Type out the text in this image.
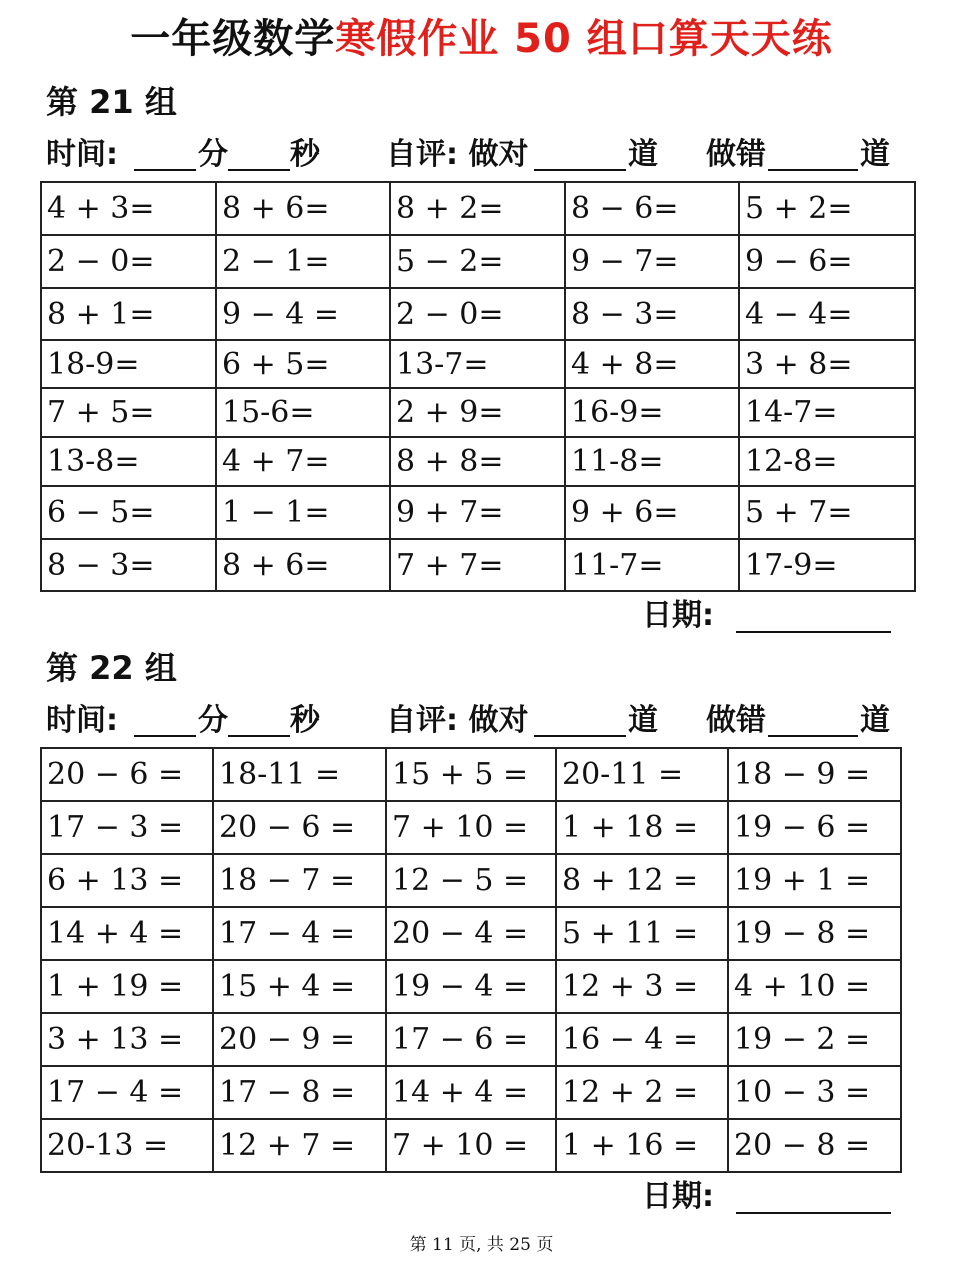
一年级数学寒假作业 50 组口算天天练
第 21 组
时间:	分 秒 自评: 做对	道 做错	道
4 + 3=	8 + 6=	8 + 2=	8 − 6=	5 + 2=
2 − 0=	2 − 1=	5 − 2=	9 − 7=	9 − 6=
8 + 1=	9 − 4 =	2 − 0=	8 − 3=	4 − 4=
18-9=	6 + 5=	13-7=	4 + 8=	3 + 8=
7 + 5=	15-6=	2 + 9=	16-9=	14-7=
13-8=	4 + 7=	8 + 8=	11-8=	12-8=
6 − 5=	1 − 1=	9 + 7=	9 + 6=	5 + 7=
8 − 3=	8 + 6=	7 + 7=	11-7=	17-9=
日期:
第 22 组
时间:	分 秒 自评: 做对	道 做错	道
20 − 6 =	18-11 =	15 + 5 =	20-11 =	18 − 9 =
17 − 3 =	20 − 6 =	7 + 10 =	1 + 18 =	19 − 6 =
6 + 13 =	18 − 7 =	12 − 5 =	8 + 12 =	19 + 1 =
14 + 4 =	17 − 4 =	20 − 4 =	5 + 11 =	19 − 8 =
1 + 19 =	15 + 4 =	19 − 4 =	12 + 3 =	4 + 10 =
3 + 13 =	20 − 9 =	17 − 6 =	16 − 4 =	19 − 2 =
17 − 4 =	17 − 8 =	14 + 4 =	12 + 2 =	10 − 3 =
20-13 =	12 + 7 =	7 + 10 =	1 + 16 =	20 − 8 =
日期:
第 11 页, 共 25 页
